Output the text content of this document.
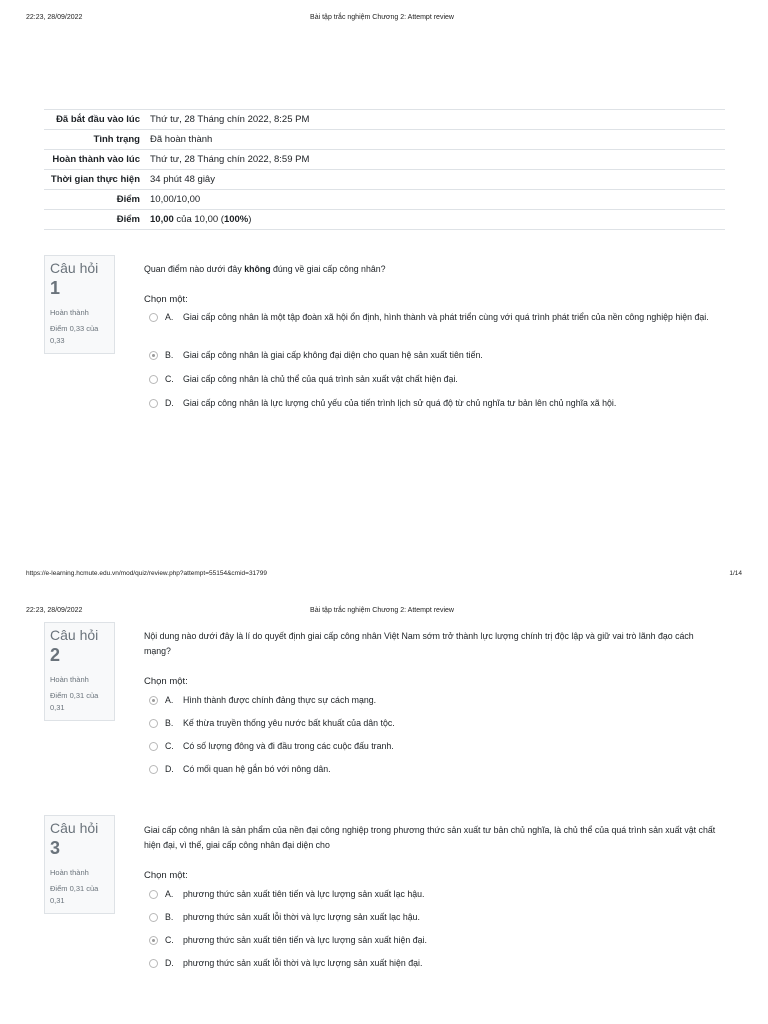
22:23, 28/09/2022	Bài tập trắc nghiệm Chương 2: Attempt review
Đã bắt đầu vào lúc	Thứ tư, 28 Tháng chín 2022, 8:25 PM
Tình trạng	Đã hoàn thành
Hoàn thành vào lúc	Thứ tư, 28 Tháng chín 2022, 8:59 PM
Thời gian thực hiện	34 phút 48 giây
Điểm	10,00/10,00
Điểm	10,00 của 10,00 (100%)
Câu hỏi
1
Hoàn thành
Điểm 0,33 của 0,33
Quan điểm nào dưới đây không đúng về giai cấp công nhân?
Chọn một:
A.	Giai cấp công nhân là một tập đoàn xã hội ổn định, hình thành và phát triển cùng với quá trình phát triển của nền công nghiệp hiện đại.
B.	Giai cấp công nhân là giai cấp không đại diện cho quan hệ sản xuất tiên tiến.
C.	Giai cấp công nhân là chủ thể của quá trình sản xuất vật chất hiện đại.
D.	Giai cấp công nhân là lực lượng chủ yếu của tiến trình lịch sử quá độ từ chủ nghĩa tư bản lên chủ nghĩa xã hội.
https://e-learning.hcmute.edu.vn/mod/quiz/review.php?attempt=55154&cmid=31799	1/14
22:23, 28/09/2022	Bài tập trắc nghiệm Chương 2: Attempt review
Câu hỏi
2
Hoàn thành
Điểm 0,31 của 0,31
Nội dung nào dưới đây là lí do quyết định giai cấp công nhân Việt Nam sớm trở thành lực lượng chính trị độc lập và giữ vai trò lãnh đạo cách mạng?
Chọn một:
A.	Hình thành được chính đảng thực sự cách mạng.
B.	Kế thừa truyền thống yêu nước bất khuất của dân tộc.
C.	Có số lượng đông và đi đầu trong các cuộc đấu tranh.
D.	Có mối quan hệ gắn bó với nông dân.
Câu hỏi
3
Hoàn thành
Điểm 0,31 của 0,31
Giai cấp công nhân là sản phẩm của nền đại công nghiệp trong phương thức sản xuất tư bản chủ nghĩa, là chủ thể của quá trình sản xuất vật chất hiện đại, vì thế, giai cấp công nhân đại diện cho
Chọn một:
A.	phương thức sản xuất tiên tiến và lực lượng sản xuất lạc hậu.
B.	phương thức sản xuất lỗi thời và lực lượng sản xuất lạc hậu.
C.	phương thức sản xuất tiên tiến và lực lượng sản xuất hiện đại.
D.	phương thức sản xuất lỗi thời và lực lượng sản xuất hiện đại.
